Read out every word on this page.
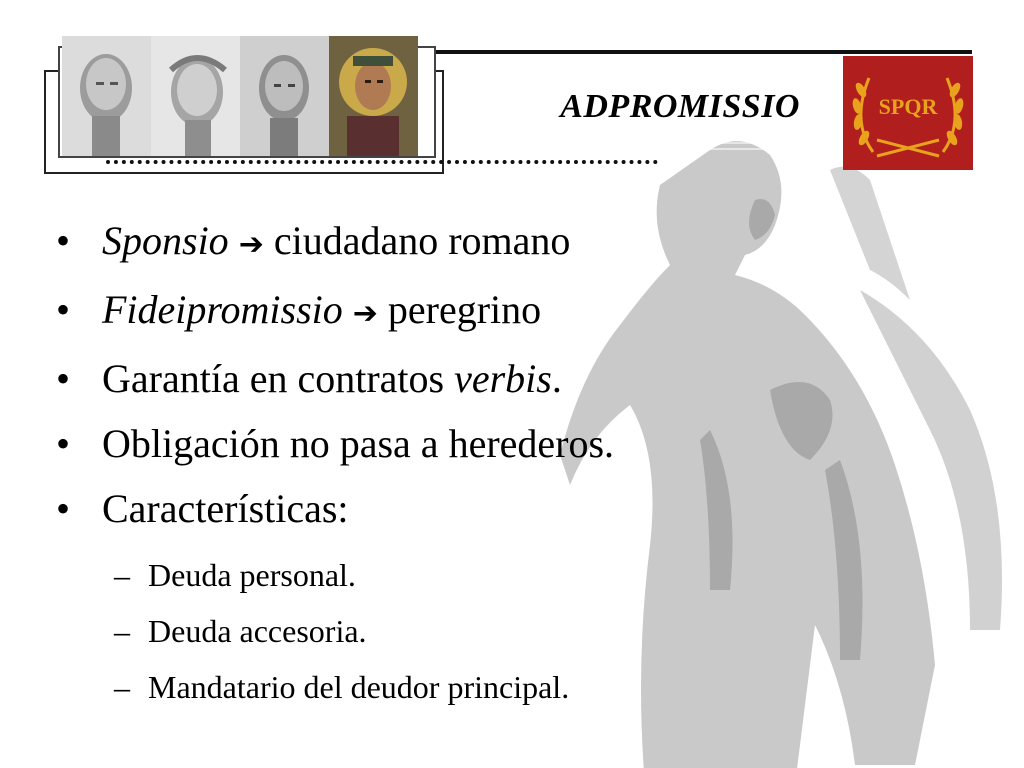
ADPROMISSIO	SPQR
• Sponsio ➔ ciudadano romano
• Fideipromissio ➔ peregrino
• Garantía en contratos verbis.
• Obligación no pasa a herederos.
• Características:
– Deuda personal.
– Deuda accesoria.
– Mandatario del deudor principal.
